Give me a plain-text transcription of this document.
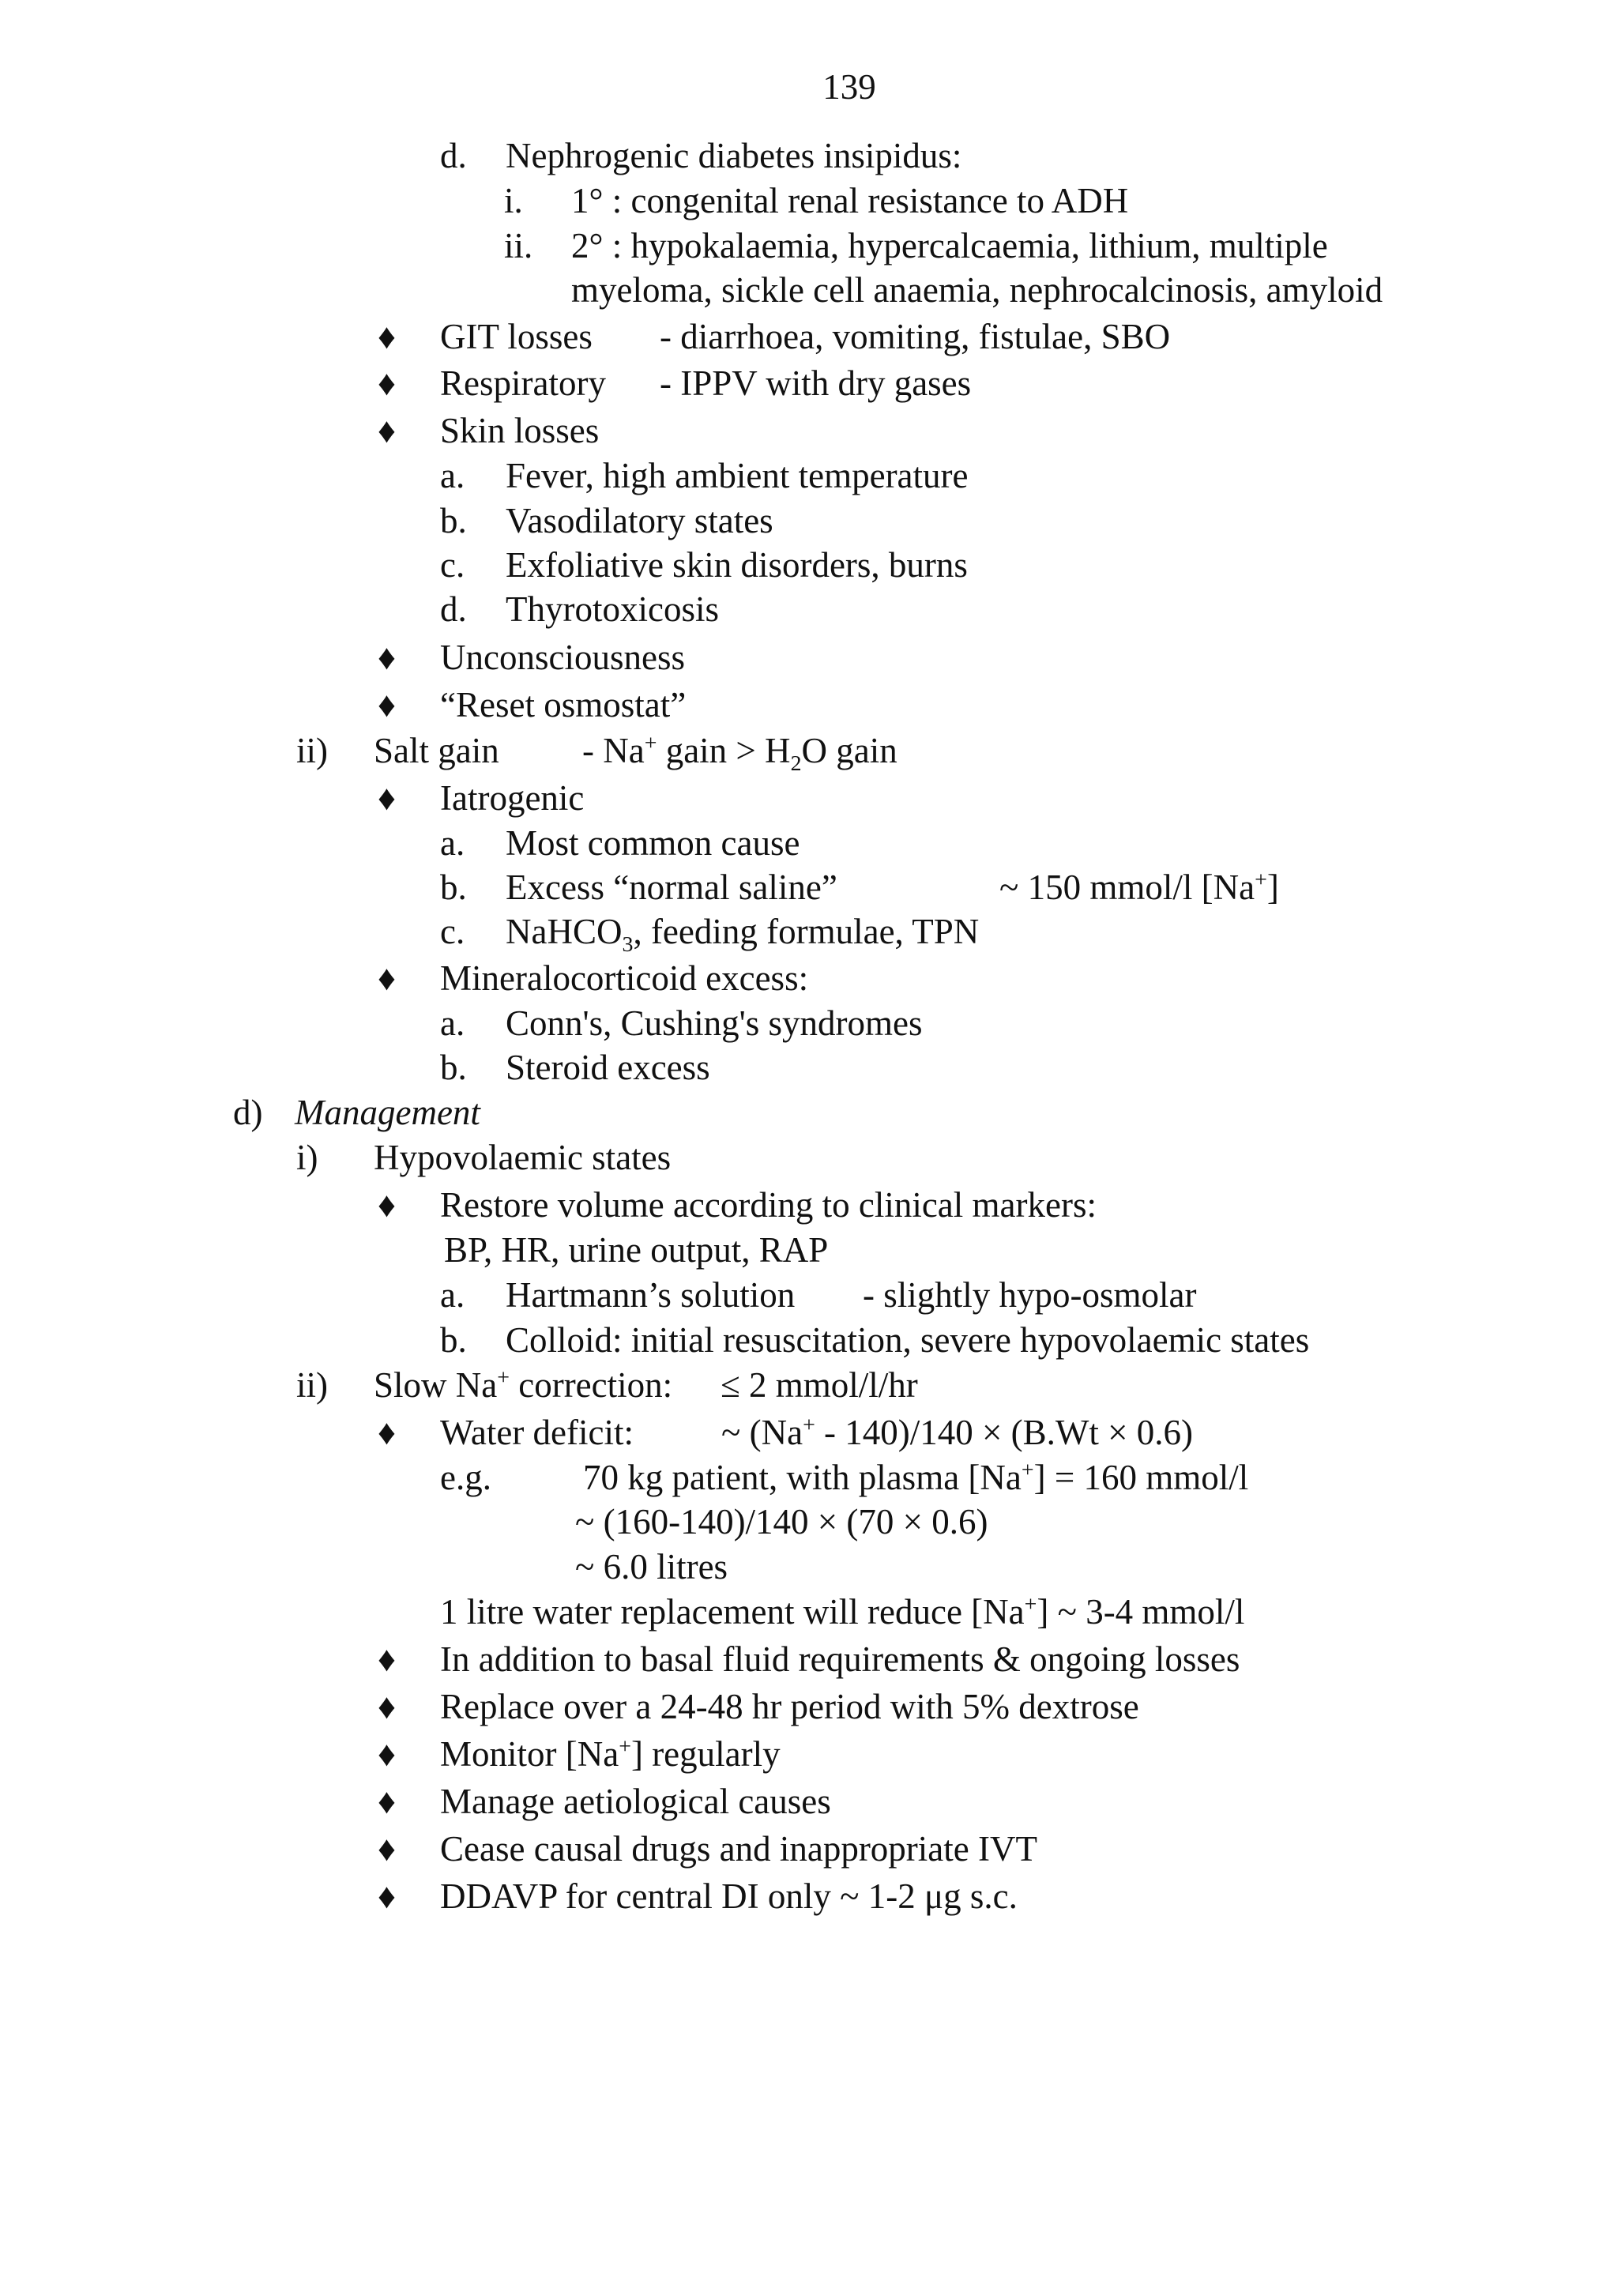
139
d. Nephrogenic diabetes insipidus:
i. 1° : congenital renal resistance to ADH
ii. 2° : hypokalaemia, hypercalcaemia, lithium, multiple
myeloma, sickle cell anaemia, nephrocalcinosis, amyloid
♦ GIT losses - diarrhoea, vomiting, fistulae, SBO
♦ Respiratory - IPPV with dry gases
♦ Skin losses
a. Fever, high ambient temperature
b. Vasodilatory states
c. Exfoliative skin disorders, burns
d. Thyrotoxicosis
♦ Unconsciousness
♦ “Reset osmostat”
ii) Salt gain - Na+ gain > $H_2O$ gain
♦ Iatrogenic
a. Most common cause
b. Excess “normal saline”	~ 150 mmol/l [Na+]
c. NaHCO$_3$, feeding formulae, TPN
♦ Mineralocorticoid excess:
a. Conn's, Cushing's syndromes
b. Steroid excess
d) Management
i) Hypovolaemic states
♦ Restore volume according to clinical markers:
BP, HR, urine output, RAP
a. Hartmann’s solution - slightly hypo-osmolar
b. Colloid: initial resuscitation, severe hypovolaemic states
ii) Slow Na+ correction: ≤ 2 mmol/l/hr
♦ Water deficit: ~ (Na+ - 140)/140 × (B.Wt × 0.6)
e.g.	70 kg patient, with plasma [Na+] = 160 mmol/l
~ (160-140)/140 × (70 × 0.6)
~ 6.0 litres
1 litre water replacement will reduce [Na+] ~ 3-4 mmol/l
♦ In addition to basal fluid requirements & ongoing losses
♦ Replace over a 24-48 hr period with 5% dextrose
♦ Monitor [Na+] regularly
♦ Manage aetiological causes
♦ Cease causal drugs and inappropriate IVT
♦ DDAVP for central DI only ~ 1-2 μg s.c.
